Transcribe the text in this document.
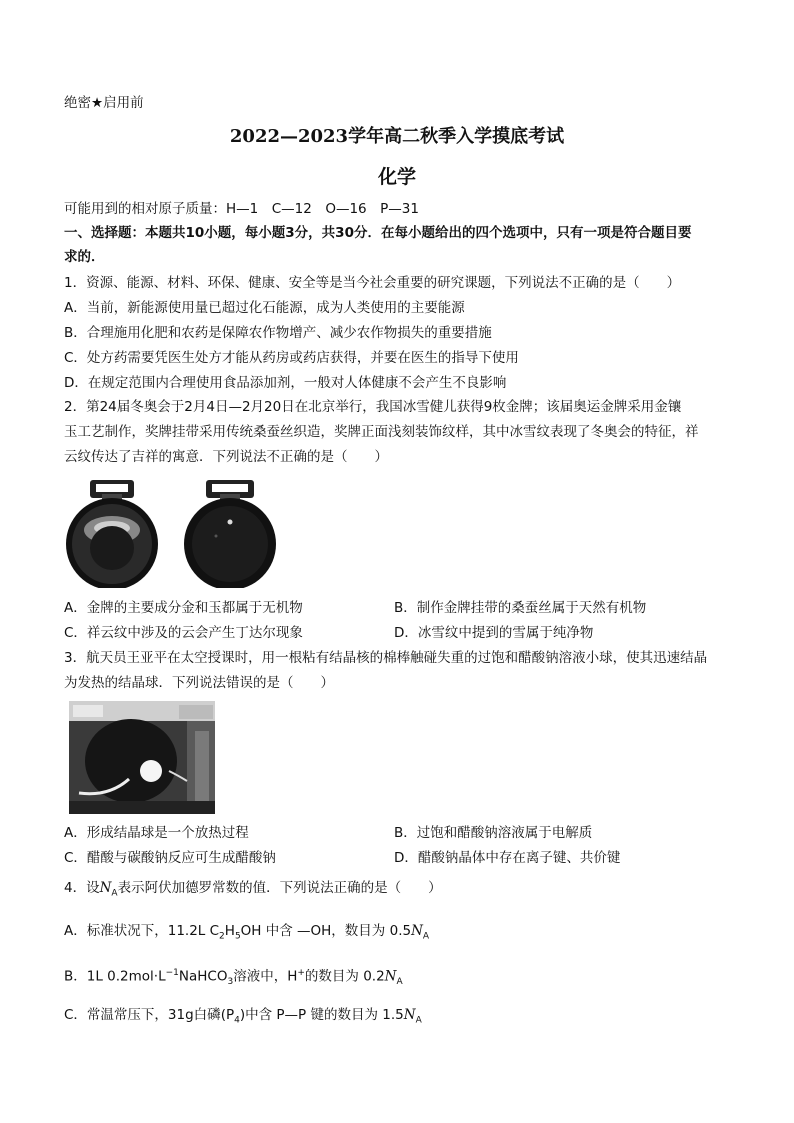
绝密★启用前
2022—2023学年高二秋季入学摸底考试
化学
可能用到的相对原子质量：H—1　C—12　O—16　P—31
一、选择题：本题共10小题，每小题3分，共30分．在每小题给出的四个选项中，只有一项是符合题目要
求的．
1．资源、能源、材料、环保、健康、安全等是当今社会重要的研究课题，下列说法不正确的是（　　）
A．当前，新能源使用量已超过化石能源，成为人类使用的主要能源
B．合理施用化肥和农药是保障农作物增产、减少农作物损失的重要措施
C．处方药需要凭医生处方才能从药房或药店获得，并要在医生的指导下使用
D．在规定范围内合理使用食品添加剂，一般对人体健康不会产生不良影响
2．第24届冬奥会于2月4日—2月20日在北京举行，我国冰雪健儿获得9枚金牌；该届奥运金牌采用金镶
玉工艺制作，奖牌挂带采用传统桑蚕丝织造，奖牌正面浅刻装饰纹样，其中冰雪纹表现了冬奥会的特征，祥
云纹传达了吉祥的寓意．下列说法不正确的是（　　）
A．金牌的主要成分金和玉都属于无机物	B．制作金牌挂带的桑蚕丝属于天然有机物
C．祥云纹中涉及的云会产生丁达尔现象	D．冰雪纹中提到的雪属于纯净物
3．航天员王亚平在太空授课时，用一根粘有结晶核的棉棒触碰失重的过饱和醋酸钠溶液小球，使其迅速结晶
为发热的结晶球．下列说法错误的是（　　）
A．形成结晶球是一个放热过程	B．过饱和醋酸钠溶液属于电解质
C．醋酸与碳酸钠反应可生成醋酸钠	D．醋酸钠晶体中存在离子键、共价键
4．设$N_A$表示阿伏加德罗常数的值．下列说法正确的是（　　）
A．标准状况下，11.2L $C_2H_5OH$ 中含 —OH，数目为 $0.5N_A$
B．1L $0.2mol\cdot L^{-1}NaHCO_3$溶液中，H+的数目为 $0.2N_A$
C．常温常压下，31g白磷$(P_4)$中含 P—P 键的数目为 $1.5N_A$
